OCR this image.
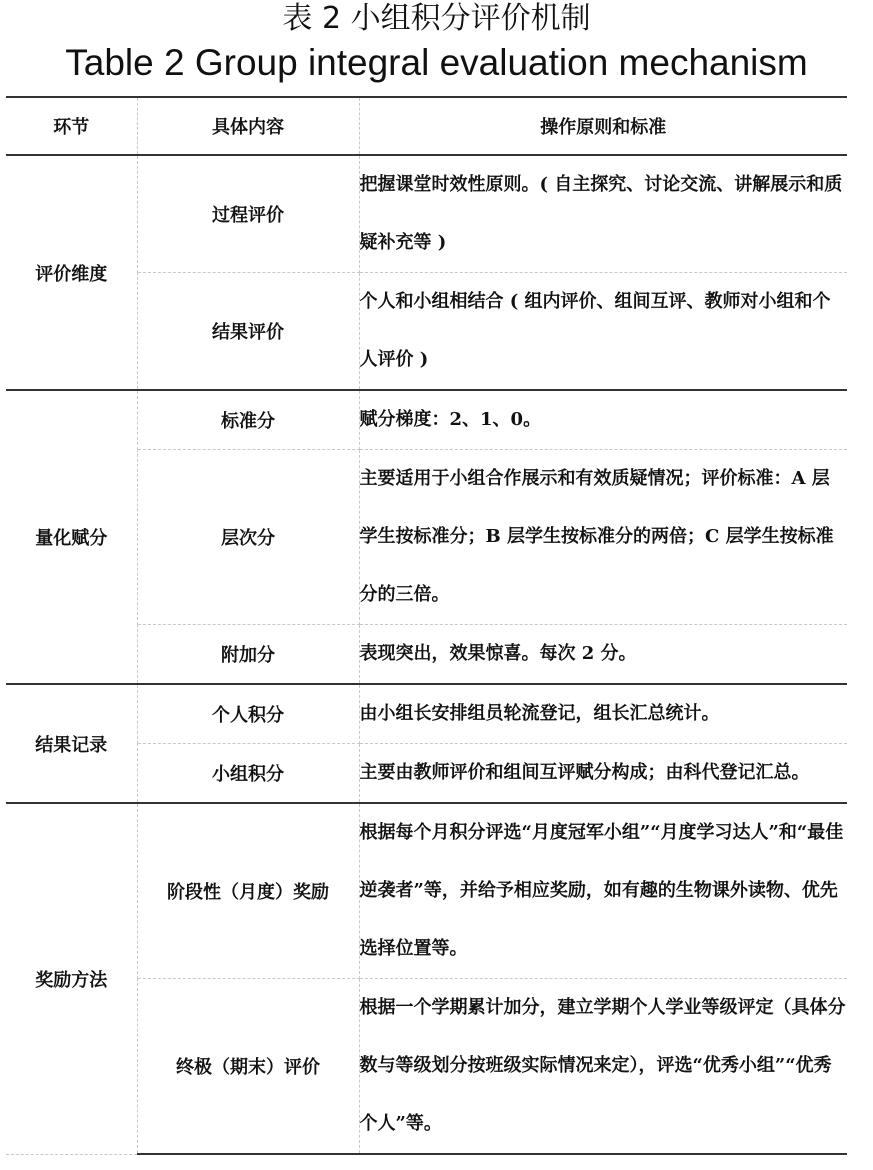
表 2 小组积分评价机制
Table 2 Group integral evaluation mechanism
环节	具体内容	操作原则和标准
评价维度	过程评价	把握课堂时效性原则。( 自主探究、讨论交流、讲解展示和质疑补充等 )
	结果评价	个人和小组相结合 ( 组内评价、组间互评、教师对小组和个人评价 )
量化赋分	标准分	赋分梯度：2、1、0。
	层次分	主要适用于小组合作展示和有效质疑情况；评价标准：A 层学生按标准分；B 层学生按标准分的两倍；C 层学生按标准分的三倍。
	附加分	表现突出，效果惊喜。每次 2 分。
结果记录	个人积分	由小组长安排组员轮流登记，组长汇总统计。
	小组积分	主要由教师评价和组间互评赋分构成；由科代登记汇总。
奖励方法	阶段性（月度）奖励	根据每个月积分评选“月度冠军小组”“月度学习达人”和“最佳逆袭者”等，并给予相应奖励，如有趣的生物课外读物、优先选择位置等。
	终极（期末）评价	根据一个学期累计加分，建立学期个人学业等级评定（具体分数与等级划分按班级实际情况来定），评选“优秀小组”“优秀个人”等。
